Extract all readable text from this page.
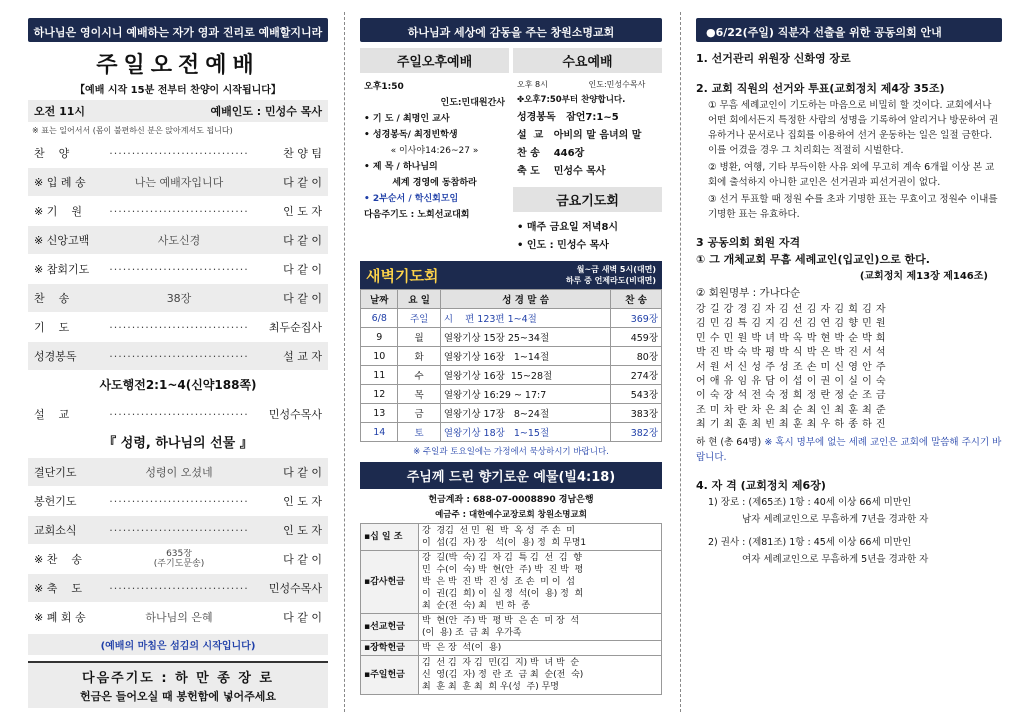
하나님은 영이시니 예배하는 자가 영과 진리로 예배할지니라
주일오전예배
【예배 시작 15분 전부터 찬양이 시작됩니다】
오전 11시	예배인도 : 민성수 목사
※ 표는 일어서서 (몸이 불편하신 분은 앉아계셔도 됩니다)
찬    양	·······························	찬 양 팀
※ 입 례 송	나는 예배자입니다	다 같 이
※ 기    원	·······························	인 도 자
※ 신앙고백	사도신경	다 같 이
※ 참회기도	·······························	다 같 이
찬    송	38장	다 같 이
기    도	·······························	최두순집사
성경봉독	·······························	설 교 자
사도행전2:1~4(신약188쪽)
설    교	·······························	민성수목사
『 성령, 하나님의 선물 』
결단기도	성령이 오셨네	다 같 이
봉헌기도	·······························	인 도 자
교회소식	·······························	인 도 자
※ 찬    송	635장
(주기도문송)	다 같 이
※ 축    도	·······························	민성수목사
※ 폐 회 송	하나님의 은혜	다 같 이
(예배의 마침은 섬김의 시작입니다)
다음주기도 : 하 만 종 장 로
헌금은 들어오실 때 봉헌함에 넣어주세요
하나님과 세상에 감동을 주는 창원소명교회
주일오후예배
오후1:50
인도:민대원간사
• 기 도 / 최명인 교사
• 성경봉독/ 최정빈학생
« 이사야14:26~27 »
• 제 목 / 하나님의
세계 경영에 동참하라
• 2부순서 / 학신회모임
다음주기도 : 노희선교대회
수요예배
오후 8시                인도:민성수목사
✤오후7:50부터 찬양합니다.
성경봉독   잠언7:1~5
설  교   아비의 말 음녀의 말
찬 송    446장
축 도    민성수 목사
금요기도회
• 매주 금요일 저녁8시
• 인도 : 민성수 목사
새벽기도회	월~금 새벽 5시(대면)
하루 중 언제라도(비대면)
날짜	요 일	성 경 말 씀	찬 송
6/8	주일	시    편 123편 1~4절	369장
9	월	열왕기상 15장 25~34절	459장
10	화	열왕기상 16장   1~14절	80장
11	수	열왕기상 16장  15~28절	274장
12	목	열왕기상 16:29 ~ 17:7	543장
13	금	열왕기상 17장   8~24절	383장
14	토	열왕기상 18장   1~15절	382장
※ 주일과 토요일에는 가정에서 묵상하시기 바랍니다.
주님께 드린 향기로운 예물(빌4:18)
헌금계좌 : 688-07-0008890 경남은행
예금주 : 대한예수교장로회 창원소명교회
▪십 일 조	강  경김  선 민  원  박  옥 성  주 손  미
이  섭(김  자) 장   석(이  용) 정  희 무명1

▪감사헌금	강  길(박  숙) 김  자 김  특 김  선  김  향
민  수(이  숙) 박  현(안  주) 박  진 박  평
박  은 박  진 박  진 성  조 손  미 이  섭
이  권(김  희) 이  실 정  석(이  용) 정  희
최  순(전  숙) 최   빈 하  종

▪선교헌금	박  현(안  주) 박  평 박  은 손  미 장  석
(이  용) 조  금 최  우가족

▪장학헌금	박  은 장  석(이  용)

▪주일헌금	김  선 김  자 김  민(김  지) 박  녀 박  순
신  영(김  자) 정  란 조  금 최  순(전  숙)
최  훈 최  훈 최  희 우(성  주) 무명
●6/22(주일) 직분자 선출을 위한 공동의회 안내
1. 선거관리 위원장 신화영 장로
2. 교회 직원의 선거와 투표(교회정치 제4장 35조)
① 무흠 세례교인이 기도하는 마음으로 비밀히 할 것이다. 교회에서나 어떤 회에서든지 특정한 사람의 성명을 기록하여 알리거나 방문하여 권유하거나 문서로나 집회를 이용하여 선거 운동하는 일은 일절 금한다. 이를 어겼을 경우 그 치리회는 적절히 시벌한다.
② 병환, 여행, 기타 부득이한 사유 외에 무고히 계속 6개월 이상 본 교회에 출석하지 아니한 교인은 선거권과 피선거권이 없다.
③ 선거 투표할 때 정원 수를 초과 기명한 표는 무효이고 정원수 이내를 기명한 표는 유효하다.
3 공동의회 회원 자격
① 그 개체교회 무흠 세례교인(입교인)으로 한다.
(교회정치 제13장 제146조)
② 회원명부 : 가나다순
강 길 강 경 김 자 김 선 김 자 김 희 김 자
김 민 김 특 김 지 김 선 김 연 김 향 민 원
민 수 민 원 박 녀 박 옥 박 현 박 순 박 희
박 진 박 숙 박 평 박 식 박 은 박 진 서 석
서 원 서 신 성 주 성 조 손 미 신 영 안 주
어 애 유 임 유 담 이 섭 이 권 이 실 이 숙
이 숙 장 석 전 숙 정 희 정 란 정 순 조 금
조 미 차 란 차 은 최 순 최 인 최 훈 최 준
최 기 최 훈 최 빈 최 훈 최 우 하 종 하 진
하 현 (총 64명) ※ 혹시 명부에 없는 세례 교인은 교회에 말씀해 주시기 바랍니다.
4. 자 격 (교회정치 제6장)
1) 장로 : (제65조) 1항 : 40세 이상 66세 미만인
남자 세례교인으로 무흠하게 7년을 경과한 자
2) 권사 : (제81조) 1항 : 45세 이상 66세 미만인
여자 세례교인으로 무흠하게 5년을 경과한 자
